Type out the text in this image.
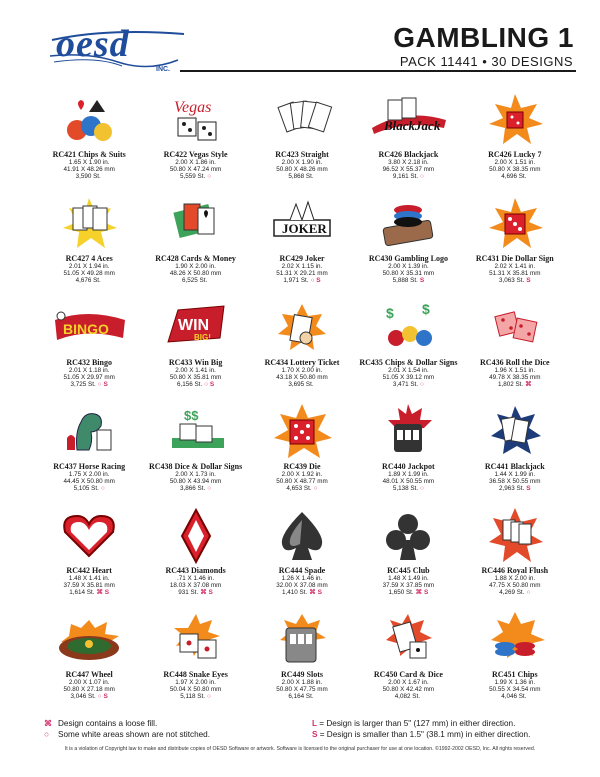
oesd
INC.
GAMBLING 1
PACK 11441 • 30 DESIGNS
RC421 Chips & Suits
1.65 X 1.90 in.
41.91 X 48.26 mm
3,590 St.
Vegas
RC422 Vegas Style
2.00 X 1.86 in.
50.80 X 47.24 mm
5,559 St. ○
RC423 Straight
2.00 X 1.90 in.
50.80 X 48.26 mm
5,868 St.
BlackJack
RC426 Blackjack
3.80 X 2.18 in.
96.52 X 55.37 mm
9,161 St. ○
RC426 Lucky 7
2.00 X 1.51 in.
50.80 X 38.35 mm
4,696 St.
RC427 4 Aces
2.01 X 1.94 in.
51.05 X 49.28 mm
4,676 St.
RC428 Cards & Money
1.90 X 2.00 in.
48.26 X 50.80 mm
6,525 St.
JOKER
RC429 Joker
2.02 X 1.15 in.
51.31 X 29.21 mm
1,971 St. ○ S
RC430 Gambling Logo
2.00 X 1.39 in.
50.80 X 35.31 mm
5,888 St. S
RC431 Die Dollar Sign
2.02 X 1.41 in.
51.31 X 35.81 mm
3,063 St. S
BINGO
RC432 Bingo
2.01 X 1.18 in.
51.05 X 29.97 mm
3,725 St. ○ S
WIN
BIG!
RC433 Win Big
2.00 X 1.41 in.
50.80 X 35.81 mm
6,156 St. ○ S
RC434 Lottery Ticket
1.70 X 2.00 in.
43.18 X 50.80 mm
3,695 St.
$ $
RC435 Chips & Dollar Signs
2.01 X 1.54 in.
51.05 X 39.12 mm
3,471 St. ○
RC436 Roll the Dice
1.96 X 1.51 in.
49.78 X 38.35 mm
1,802 St. ⌘
RC437 Horse Racing
1.75 X 2.00 in.
44.45 X 50.80 mm
5,105 St. ○
$$
RC438 Dice & Dollar Signs
2.00 X 1.73 in.
50.80 X 43.94 mm
3,866 St. ○
RC439 Die
2.00 X 1.92 in.
50.80 X 48.77 mm
4,653 St. ○
RC440 Jackpot
1.89 X 1.99 in.
48.01 X 50.55 mm
5,138 St. ○
RC441 Blackjack
1.44 X 1.99 in.
36.58 X 50.55 mm
2,963 St. S
RC442 Heart
1.48 X 1.41 in.
37.59 X 35.81 mm
1,614 St. ⌘ S
RC443 Diamonds
.71 X 1.46 in.
18.03 X 37.08 mm
931 St. ⌘ S
RC444 Spade
1.26 X 1.46 in.
32.00 X 37.08 mm
1,410 St. ⌘ S
RC445 Club
1.48 X 1.49 in.
37.59 X 37.85 mm
1,650 St. ⌘ S
RC446 Royal Flush
1.88 X 2.00 in.
47.75 X 50.80 mm
4,269 St. ○
RC447 Wheel
2.00 X 1.07 in.
50.80 X 27.18 mm
3,046 St. ○ S
RC448 Snake Eyes
1.97 X 2.00 in.
50.04 X 50.80 mm
5,118 St. ○
RC449 Slots
2.00 X 1.88 in.
50.80 X 47.75 mm
6,164 St.
RC450 Card & Dice
2.00 X 1.67 in.
50.80 X 42.42 mm
4,082 St.
RC451 Chips
1.99 X 1.36 in.
50.55 X 34.54 mm
4,046 St.
⌘ Design contains a loose fill.
○ Some white areas shown are not stitched.
L = Design is larger than 5" (127 mm) in either direction.
S = Design is smaller than 1.5" (38.1 mm) in either direction.
It is a violation of Copyright law to make and distribute copies of OESD Software or artwork. Software is licensed to the original purchaser for use at one location. ©1992-2002 OESD, Inc. All rights reserved.
